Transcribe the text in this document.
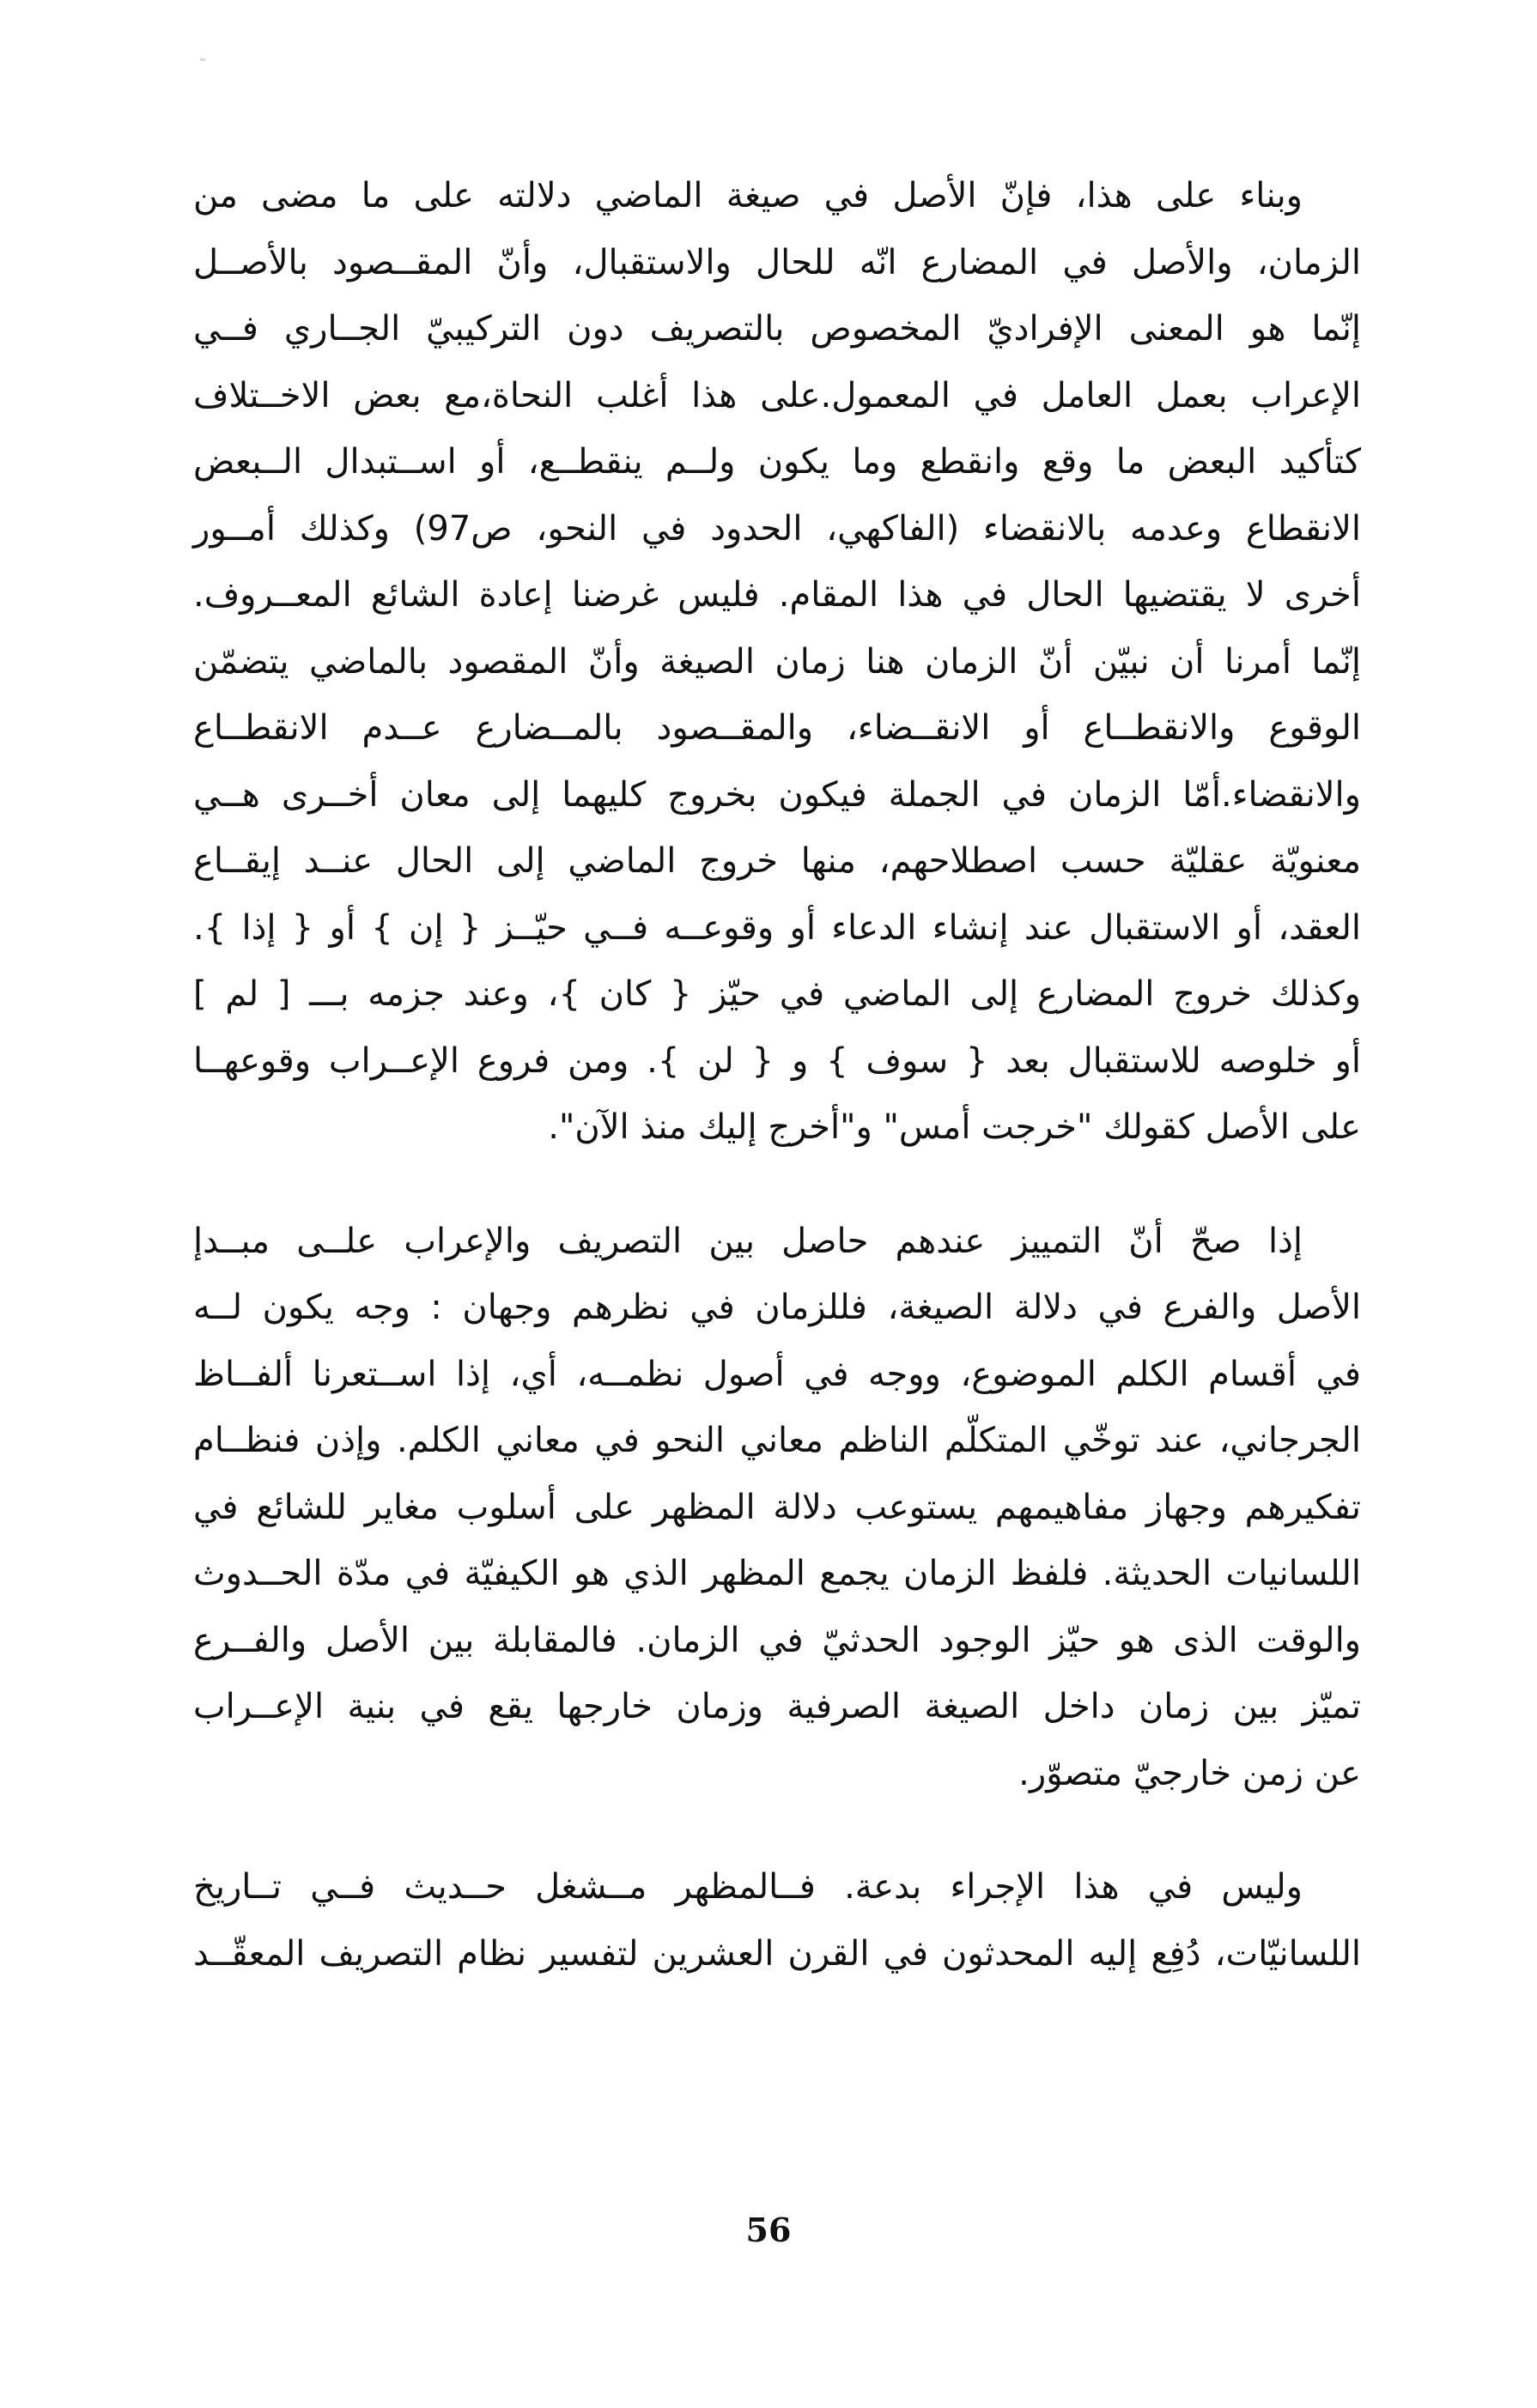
وبناء على هذا، فإنّ الأصل في صيغة الماضي دلالته على ما مضى من
الزمان، والأصل في المضارع انّه للحال والاستقبال، وأنّ المقــصود بالأصــل
إنّما هو المعنى الإفراديّ المخصوص بالتصريف دون التركيبيّ الجــاري فــي
الإعراب بعمل العامل في المعمول.على هذا أغلب النحاة،مع بعض الاخــتلاف
كتأكيد البعض ما وقع وانقطع وما يكون ولــم ينقطــع، أو اســتبدال الــبعض
الانقطاع وعدمه بالانقضاء (الفاكهي، الحدود في النحو، ص97) وكذلك أمــور
أخرى لا يقتضيها الحال في هذا المقام. فليس غرضنا إعادة الشائع المعــروف.
إنّما أمرنا أن نبيّن أنّ الزمان هنا زمان الصيغة وأنّ المقصود بالماضي يتضمّن
الوقوع والانقطــاع أو الانقــضاء، والمقــصود بالمــضارع عــدم الانقطــاع
والانقضاء.أمّا الزمان في الجملة فيكون بخروج كليهما إلى معان أخــرى هــي
معنويّة عقليّة حسب اصطلاحهم، منها خروج الماضي إلى الحال عنــد إيقــاع
العقد، أو الاستقبال عند إنشاء الدعاء أو وقوعــه فــي حيّــز { إن } أو { إذا }.
وكذلك خروج المضارع إلى الماضي في حيّز { كان }، وعند جزمه بـــ [ لم ]
أو خلوصه للاستقبال بعد { سوف } و { لن }. ومن فروع الإعــراب وقوعهــا
على الأصل كقولك "خرجت أمس" و"أخرج إليك منذ الآن".
إذا صحّ أنّ التمييز عندهم حاصل بين التصريف والإعراب علــى مبــدإ
الأصل والفرع في دلالة الصيغة، فللزمان في نظرهم وجهان : وجه يكون لــه
في أقسام الكلم الموضوع، ووجه في أصول نظمــه، أي، إذا اســتعرنا ألفــاظ
الجرجاني، عند توخّي المتكلّم الناظم معاني النحو في معاني الكلم. وإذن فنظــام
تفكيرهم وجهاز مفاهيمهم يستوعب دلالة المظهر على أسلوب مغاير للشائع في
اللسانيات الحديثة. فلفظ الزمان يجمع المظهر الذي هو الكيفيّة في مدّة الحــدوث
والوقت الذى هو حيّز الوجود الحدثيّ في الزمان. فالمقابلة بين الأصل والفــرع
تميّز بين زمان داخل الصيغة الصرفية وزمان خارجها يقع في بنية الإعــراب
عن زمن خارجيّ متصوّر.
وليس في هذا الإجراء بدعة. فــالمظهر مــشغل حــديث فــي تــاريخ
اللسانيّات، دُفِع إليه المحدثون في القرن العشرين لتفسير نظام التصريف المعقّــد
56
